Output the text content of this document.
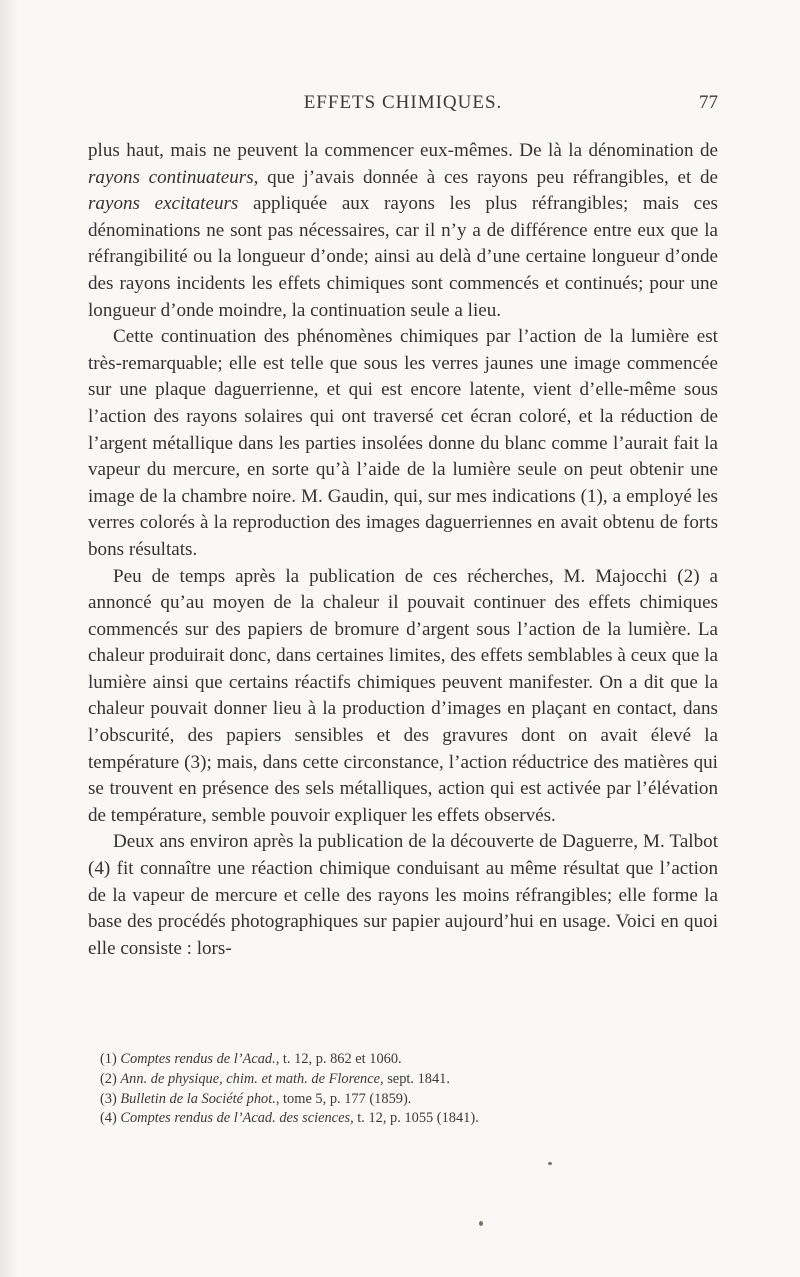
EFFETS CHIMIQUES.	77

plus haut, mais ne peuvent la commencer eux-mêmes. De là la dénomination de rayons continuateurs, que j’avais donnée à ces rayons peu réfrangibles, et de rayons excitateurs appliquée aux rayons les plus réfrangibles; mais ces dénominations ne sont pas nécessaires, car il n’y a de différence entre eux que la réfrangibilité ou la longueur d’onde; ainsi au delà d’une certaine longueur d’onde des rayons incidents les effets chimiques sont commencés et continués; pour une longueur d’onde moindre, la continuation seule a lieu.

Cette continuation des phénomènes chimiques par l’action de la lumière est très-remarquable; elle est telle que sous les verres jaunes une image commencée sur une plaque daguerrienne, et qui est encore latente, vient d’elle-même sous l’action des rayons solaires qui ont traversé cet écran coloré, et la réduction de l’argent métallique dans les parties insolées donne du blanc comme l’aurait fait la vapeur du mercure, en sorte qu’à l’aide de la lumière seule on peut obtenir une image de la chambre noire. M. Gaudin, qui, sur mes indications (1), a employé les verres colorés à la reproduction des images daguerriennes en avait obtenu de forts bons résultats.

Peu de temps après la publication de ces récherches, M. Majocchi (2) a annoncé qu’au moyen de la chaleur il pouvait continuer des effets chimiques commencés sur des papiers de bromure d’argent sous l’action de la lumière. La chaleur produirait donc, dans certaines limites, des effets semblables à ceux que la lumière ainsi que certains réactifs chimiques peuvent manifester. On a dit que la chaleur pouvait donner lieu à la production d’images en plaçant en contact, dans l’obscurité, des papiers sensibles et des gravures dont on avait élevé la température (3); mais, dans cette circonstance, l’action réductrice des matières qui se trouvent en présence des sels métalliques, action qui est activée par l’élévation de température, semble pouvoir expliquer les effets observés.

Deux ans environ après la publication de la découverte de Daguerre, M. Talbot (4) fit connaître une réaction chimique conduisant au même résultat que l’action de la vapeur de mercure et celle des rayons les moins réfrangibles; elle forme la base des procédés photographiques sur papier aujourd’hui en usage. Voici en quoi elle consiste : lors-

(1) Comptes rendus de l’Acad., t. 12, p. 862 et 1060.

(2) Ann. de physique, chim. et math. de Florence, sept. 1841.

(3) Bulletin de la Société phot., tome 5, p. 177 (1859).

(4) Comptes rendus de l’Acad. des sciences, t. 12, p. 1055 (1841).
